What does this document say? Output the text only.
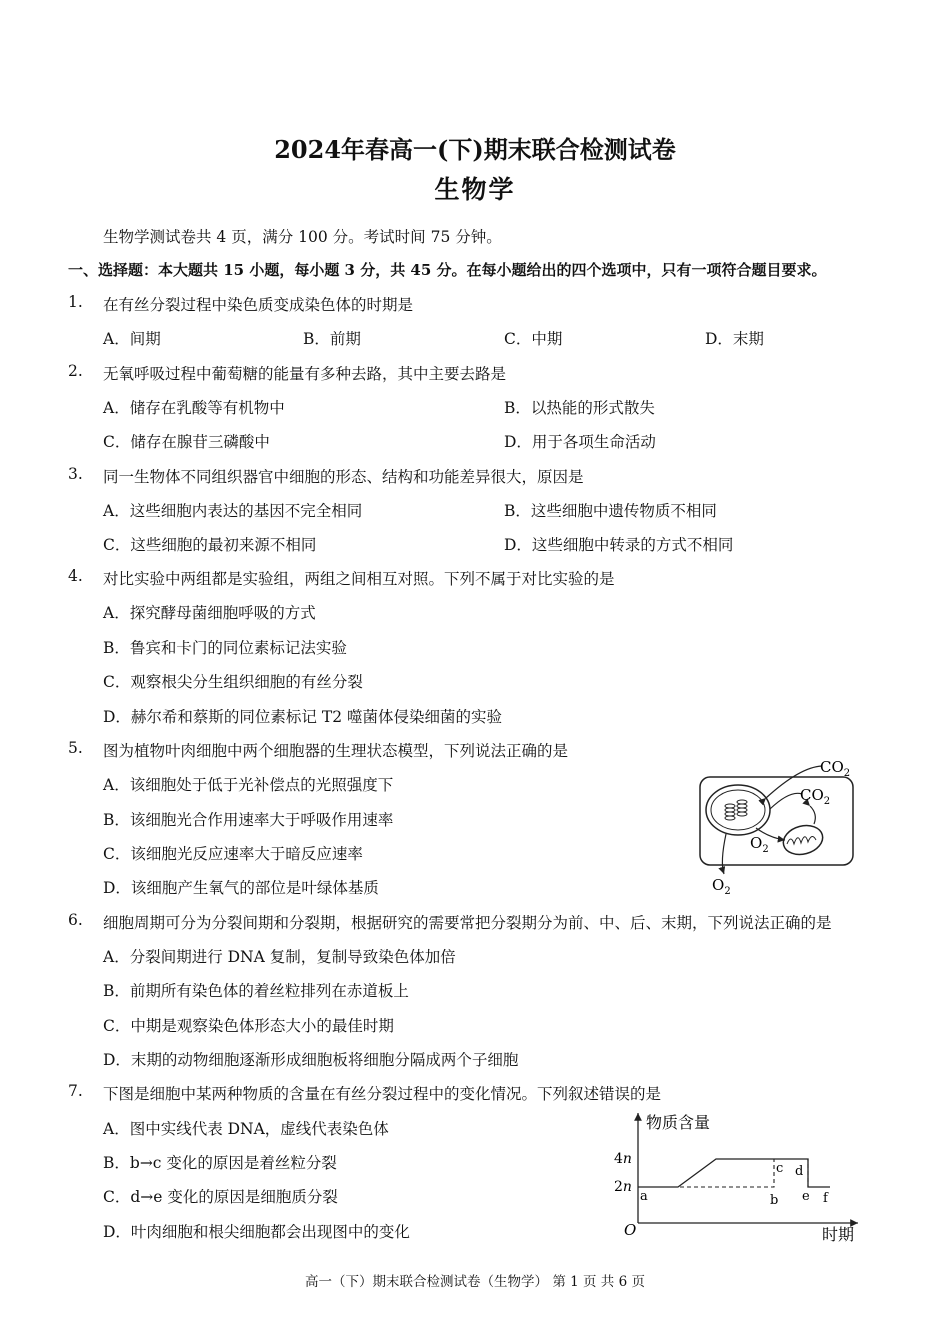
2024年春高一(下)期末联合检测试卷
生物学
生物学测试卷共 4 页，满分 100 分。考试时间 75 分钟。
一、选择题：本大题共 15 小题，每小题 3 分，共 45 分。在每小题给出的四个选项中，只有一项符合题目要求。
1. 在有丝分裂过程中染色质变成染色体的时期是
A．间期	B．前期	C．中期	D．末期
2. 无氧呼吸过程中葡萄糖的能量有多种去路，其中主要去路是
A．储存在乳酸等有机物中	B．以热能的形式散失
C．储存在腺苷三磷酸中	D．用于各项生命活动
3. 同一生物体不同组织器官中细胞的形态、结构和功能差异很大，原因是
A．这些细胞内表达的基因不完全相同	B．这些细胞中遗传物质不相同
C．这些细胞的最初来源不相同	D．这些细胞中转录的方式不相同
4. 对比实验中两组都是实验组，两组之间相互对照。下列不属于对比实验的是
A．探究酵母菌细胞呼吸的方式
B．鲁宾和卡门的同位素标记法实验
C．观察根尖分生组织细胞的有丝分裂
D．赫尔希和蔡斯的同位素标记 T2 噬菌体侵染细菌的实验
5. 图为植物叶肉细胞中两个细胞器的生理状态模型，下列说法正确的是
A．该细胞处于低于光补偿点的光照强度下
B．该细胞光合作用速率大于呼吸作用速率
C．该细胞光反应速率大于暗反应速率
D．该细胞产生氧气的部位是叶绿体基质
$CO_2$
$CO_2$
$O_2$
$O_2$
6. 细胞周期可分为分裂间期和分裂期，根据研究的需要常把分裂期分为前、中、后、末期，下列说法正确的是
A．分裂间期进行 DNA 复制，复制导致染色体加倍
B．前期所有染色体的着丝粒排列在赤道板上
C．中期是观察染色体形态大小的最佳时期
D．末期的动物细胞逐渐形成细胞板将细胞分隔成两个子细胞
7. 下图是细胞中某两种物质的含量在有丝分裂过程中的变化情况。下列叙述错误的是
A．图中实线代表 DNA，虚线代表染色体
B．b→c 变化的原因是着丝粒分裂
C．d→e 变化的原因是细胞质分裂
D．叶肉细胞和根尖细胞都会出现图中的变化
物质含量
时期
O
4n
2n
a	b
c d
e f
高一（下）期末联合检测试卷（生物学） 第 1 页 共 6 页
